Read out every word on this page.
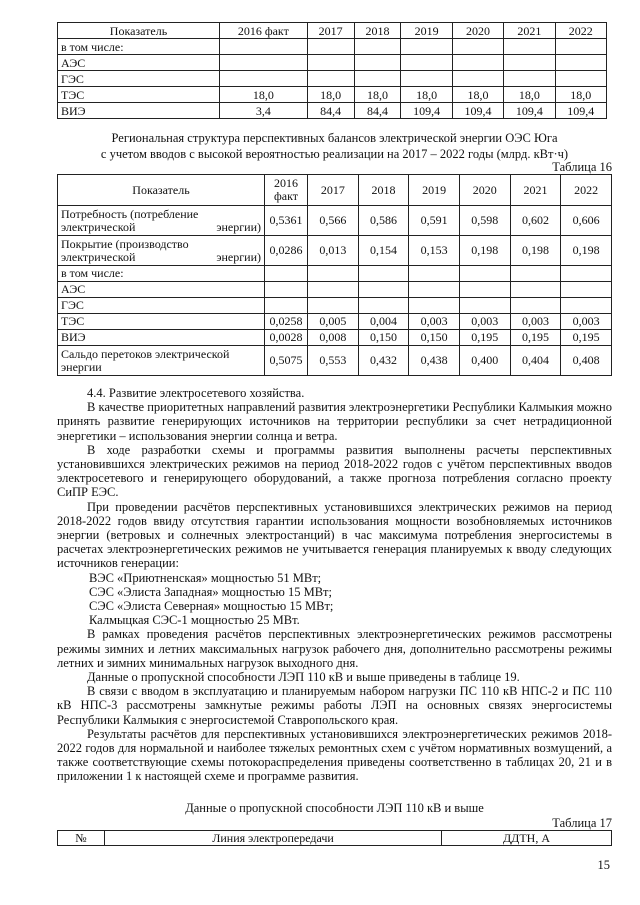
Показатель	2016 факт	2017	2018	2019	2020	2021	2022
в том числе:							
АЭС							
ГЭС							
ТЭС	18,0	18,0	18,0	18,0	18,0	18,0	18,0
ВИЭ	3,4	84,4	84,4	109,4	109,4	109,4	109,4
Региональная структура перспективных балансов электрической энергии ОЭС Юга
с учетом вводов с высокой вероятностью реализации на 2017 – 2022 годы (млрд. кВт·ч)
Таблица 16
Показатель	2016 факт	2017	2018	2019	2020	2021	2022
Потребность (потребление электрической энергии)	0,5361	0,566	0,586	0,591	0,598	0,602	0,606
Покрытие (производство электрической энергии)	0,0286	0,013	0,154	0,153	0,198	0,198	0,198
в том числе:							
АЭС							
ГЭС							
ТЭС	0,0258	0,005	0,004	0,003	0,003	0,003	0,003
ВИЭ	0,0028	0,008	0,150	0,150	0,195	0,195	0,195
Сальдо перетоков электрической энергии	0,5075	0,553	0,432	0,438	0,400	0,404	0,408

4.4. Развитие электросетевого хозяйства.

В качестве приоритетных направлений развития электроэнергетики Республики Калмыкия можно принять развитие генерирующих источников на территории республики за счет нетрадиционной энергетики – использования энергии солнца и ветра.

В ходе разработки схемы и программы развития выполнены расчеты перспективных установившихся электрических режимов на период 2018-2022 годов с учётом перспективных вводов электросетевого и генерирующего оборудований, а также прогноза потребления согласно проекту СиПР ЕЭС.

При проведении расчётов перспективных установившихся электрических режимов на период 2018-2022 годов ввиду отсутствия гарантии использования мощности возобновляемых источников энергии (ветровых и солнечных электростанций) в час максимума потребления энергосистемы в расчетах электроэнергетических режимов не учитывается генерация планируемых к вводу следующих источников генерации:

ВЭС «Приютненская» мощностью 51 МВт;

СЭС «Элиста Западная» мощностью 15 МВт;

СЭС «Элиста Северная» мощностью 15 МВт;

Калмыцкая СЭС-1 мощностью 25 МВт.

В рамках проведения расчётов перспективных электроэнергетических режимов рассмотрены режимы зимних и летних максимальных нагрузок рабочего дня, дополнительно рассмотрены режимы летних и зимних минимальных нагрузок выходного дня.

Данные о пропускной способности ЛЭП 110 кВ и выше приведены в таблице 19.

В связи с вводом в эксплуатацию и планируемым набором нагрузки ПС 110 кВ НПС-2 и ПС 110 кВ НПС-3 рассмотрены замкнутые режимы работы ЛЭП на основных связях энергосистемы Республики Калмыкия с энергосистемой Ставропольского края.

Результаты расчётов для перспективных установившихся электроэнергетических режимов 2018-2022 годов для нормальной и наиболее тяжелых ремонтных схем с учётом нормативных возмущений, а также соответствующие схемы потокораспределения приведены соответственно в таблицах 20, 21 и в приложении 1 к настоящей схеме и программе развития.

Данные о пропускной способности ЛЭП 110 кВ и выше
Таблица 17
№	Линия электропередачи	ДДТН, А
15
